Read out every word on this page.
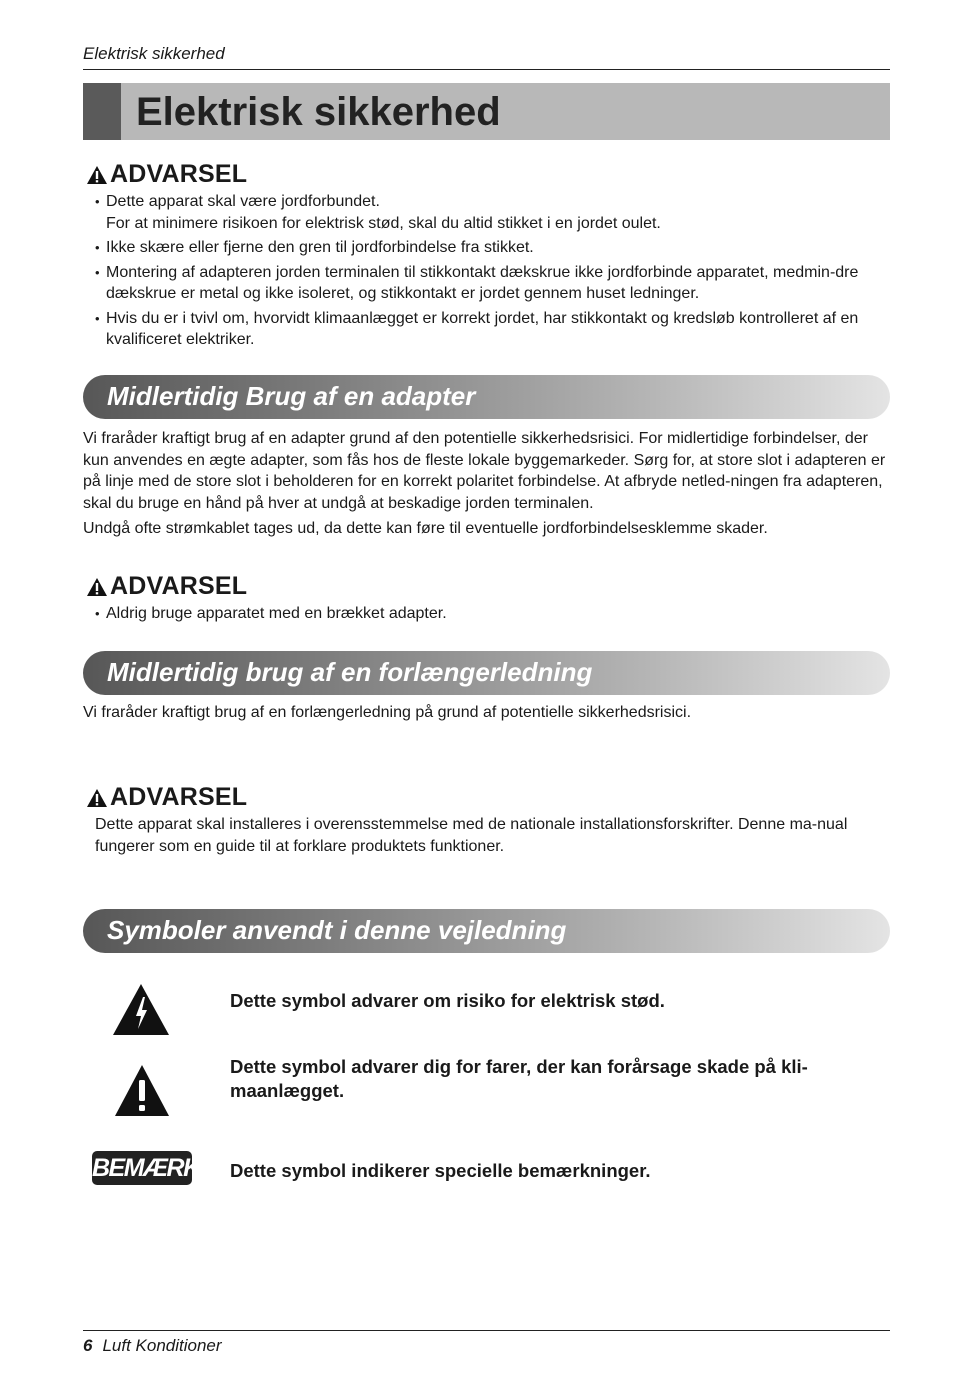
Elektrisk sikkerhed
Elektrisk sikkerhed
ADVARSEL
• Dette apparat skal være jordforbundet.
For at minimere risikoen for elektrisk stød, skal du altid stikket i en jordet oulet.
• Ikke skære eller fjerne den gren til jordforbindelse fra stikket.
• Montering af adapteren jorden terminalen til stikkontakt dækskrue ikke jordforbinde apparatet, medmin-dre dækskrue er metal og ikke isoleret, og stikkontakt er jordet gennem huset ledninger.
• Hvis du er i tvivl om, hvorvidt klimaanlægget er korrekt jordet, har stikkontakt og kredsløb kontrolleret af en kvalificeret elektriker.
Midlertidig Brug af en adapter

Vi fraråder kraftigt brug af en adapter grund af den potentielle sikkerhedsrisici. For midlertidige forbindelser, der kun anvendes en ægte adapter, som fås hos de fleste lokale byggemarkeder. Sørg for, at store slot i adapteren er på linje med de store slot i beholderen for en korrekt polaritet forbindelse. At afbryde netled-ningen fra adapteren, skal du bruge en hånd på hver at undgå at beskadige jorden terminalen.

Undgå ofte strømkablet tages ud, da dette kan føre til eventuelle jordforbindelsesklemme skader.

ADVARSEL
• Aldrig bruge apparatet med en brækket adapter.
Midlertidig brug af en forlængerledning

Vi fraråder kraftigt brug af en forlængerledning på grund af potentielle sikkerhedsrisici.

ADVARSEL

Dette apparat skal installeres i overensstemmelse med de nationale installationsforskrifter. Denne ma-nual fungerer som en guide til at forklare produktets funktioner.

Symboler anvendt i denne vejledning
Dette symbol advarer om risiko for elektrisk stød.
Dette symbol advarer dig for farer, der kan forårsage skade på kli-maanlægget.
BEMÆRK Dette symbol indikerer specielle bemærkninger.
6 Luft Konditioner
